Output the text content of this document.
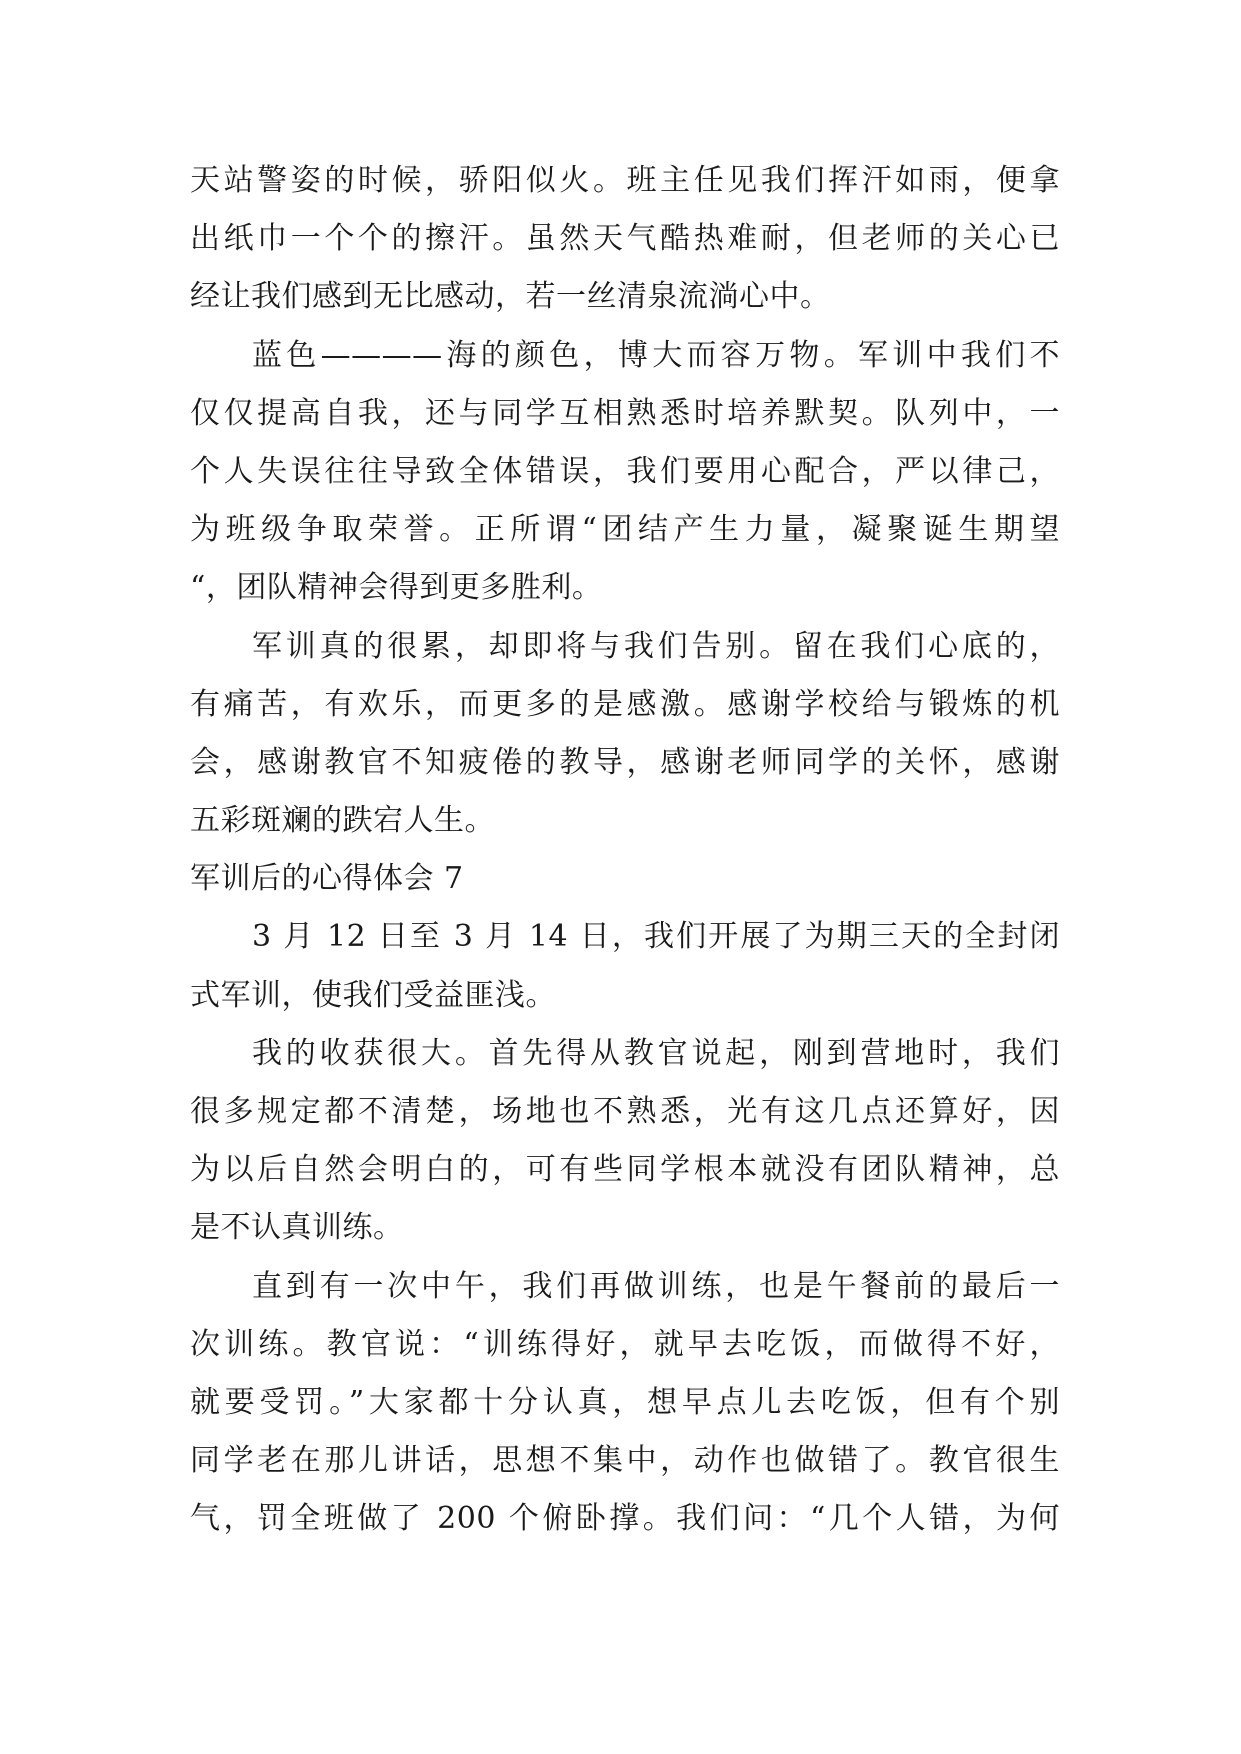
天站警姿的时候，骄阳似火。班主任见我们挥汗如雨，便拿
出纸巾一个个的擦汗。虽然天气酷热难耐，但老师的关心已
经让我们感到无比感动，若一丝清泉流淌心中。
蓝色————海的颜色，博大而容万物。军训中我们不
仅仅提高自我，还与同学互相熟悉时培养默契。队列中，一
个人失误往往导致全体错误，我们要用心配合，严以律己，
为班级争取荣誉。正所谓“团结产生力量，凝聚诞生期望
“，团队精神会得到更多胜利。
军训真的很累，却即将与我们告别。留在我们心底的，
有痛苦，有欢乐，而更多的是感激。感谢学校给与锻炼的机
会，感谢教官不知疲倦的教导，感谢老师同学的关怀，感谢
五彩斑斓的跌宕人生。
军训后的心得体会 7
3 月 12 日至 3 月 14 日，我们开展了为期三天的全封闭
式军训，使我们受益匪浅。
我的收获很大。首先得从教官说起，刚到营地时，我们
很多规定都不清楚，场地也不熟悉，光有这几点还算好，因
为以后自然会明白的，可有些同学根本就没有团队精神，总
是不认真训练。
直到有一次中午，我们再做训练，也是午餐前的最后一
次训练。教官说：“训练得好，就早去吃饭，而做得不好，
就要受罚。”大家都十分认真，想早点儿去吃饭，但有个别
同学老在那儿讲话，思想不集中，动作也做错了。教官很生
气，罚全班做了 200 个俯卧撑。我们问：“几个人错，为何
